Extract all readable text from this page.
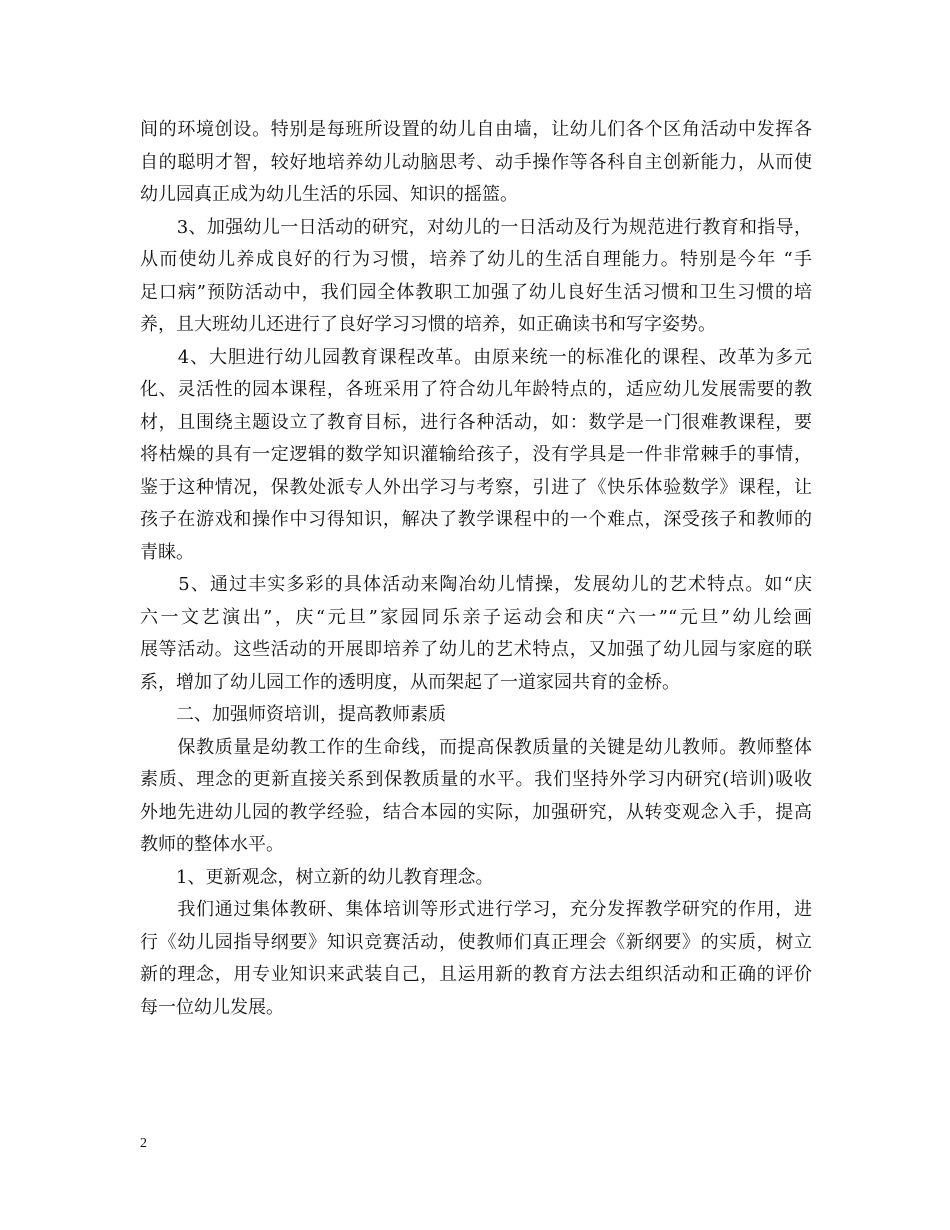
间的环境创设。特别是每班所设置的幼儿自由墙，让幼儿们各个区角活动中发挥各
自的聪明才智，较好地培养幼儿动脑思考、动手操作等各科自主创新能力，从而使
幼儿园真正成为幼儿生活的乐园、知识的摇篮。
　　3、加强幼儿一日活动的研究，对幼儿的一日活动及行为规范进行教育和指导，
从而使幼儿养成良好的行为习惯，培养了幼儿的生活自理能力。特别是今年 “手
足口病”预防活动中，我们园全体教职工加强了幼儿良好生活习惯和卫生习惯的培
养，且大班幼儿还进行了良好学习习惯的培养，如正确读书和写字姿势。
　　4、大胆进行幼儿园教育课程改革。由原来统一的标准化的课程、改革为多元
化、灵活性的园本课程，各班采用了符合幼儿年龄特点的，适应幼儿发展需要的教
材，且围绕主题设立了教育目标，进行各种活动，如：数学是一门很难教课程，要
将枯燥的具有一定逻辑的数学知识灌输给孩子，没有学具是一件非常棘手的事情，
鉴于这种情况，保教处派专人外出学习与考察，引进了《快乐体验数学》课程，让
孩子在游戏和操作中习得知识，解决了教学课程中的一个难点，深受孩子和教师的
青睐。
　　5、通过丰实多彩的具体活动来陶冶幼儿情操，发展幼儿的艺术特点。如“庆
六一文艺演出”，庆“元旦”家园同乐亲子运动会和庆“六一”“元旦”幼儿绘画
展等活动。这些活动的开展即培养了幼儿的艺术特点，又加强了幼儿园与家庭的联
系，增加了幼儿园工作的透明度，从而架起了一道家园共育的金桥。
　　二、加强师资培训，提高教师素质
　　保教质量是幼教工作的生命线，而提高保教质量的关键是幼儿教师。教师整体
素质、理念的更新直接关系到保教质量的水平。我们坚持外学习内研究(培训)吸收
外地先进幼儿园的教学经验，结合本园的实际，加强研究，从转变观念入手，提高
教师的整体水平。
　　1、更新观念，树立新的幼儿教育理念。
　　我们通过集体教研、集体培训等形式进行学习，充分发挥教学研究的作用，进
行《幼儿园指导纲要》知识竞赛活动，使教师们真正理会《新纲要》的实质，树立
新的理念，用专业知识来武装自己，且运用新的教育方法去组织活动和正确的评价
每一位幼儿发展。
2
